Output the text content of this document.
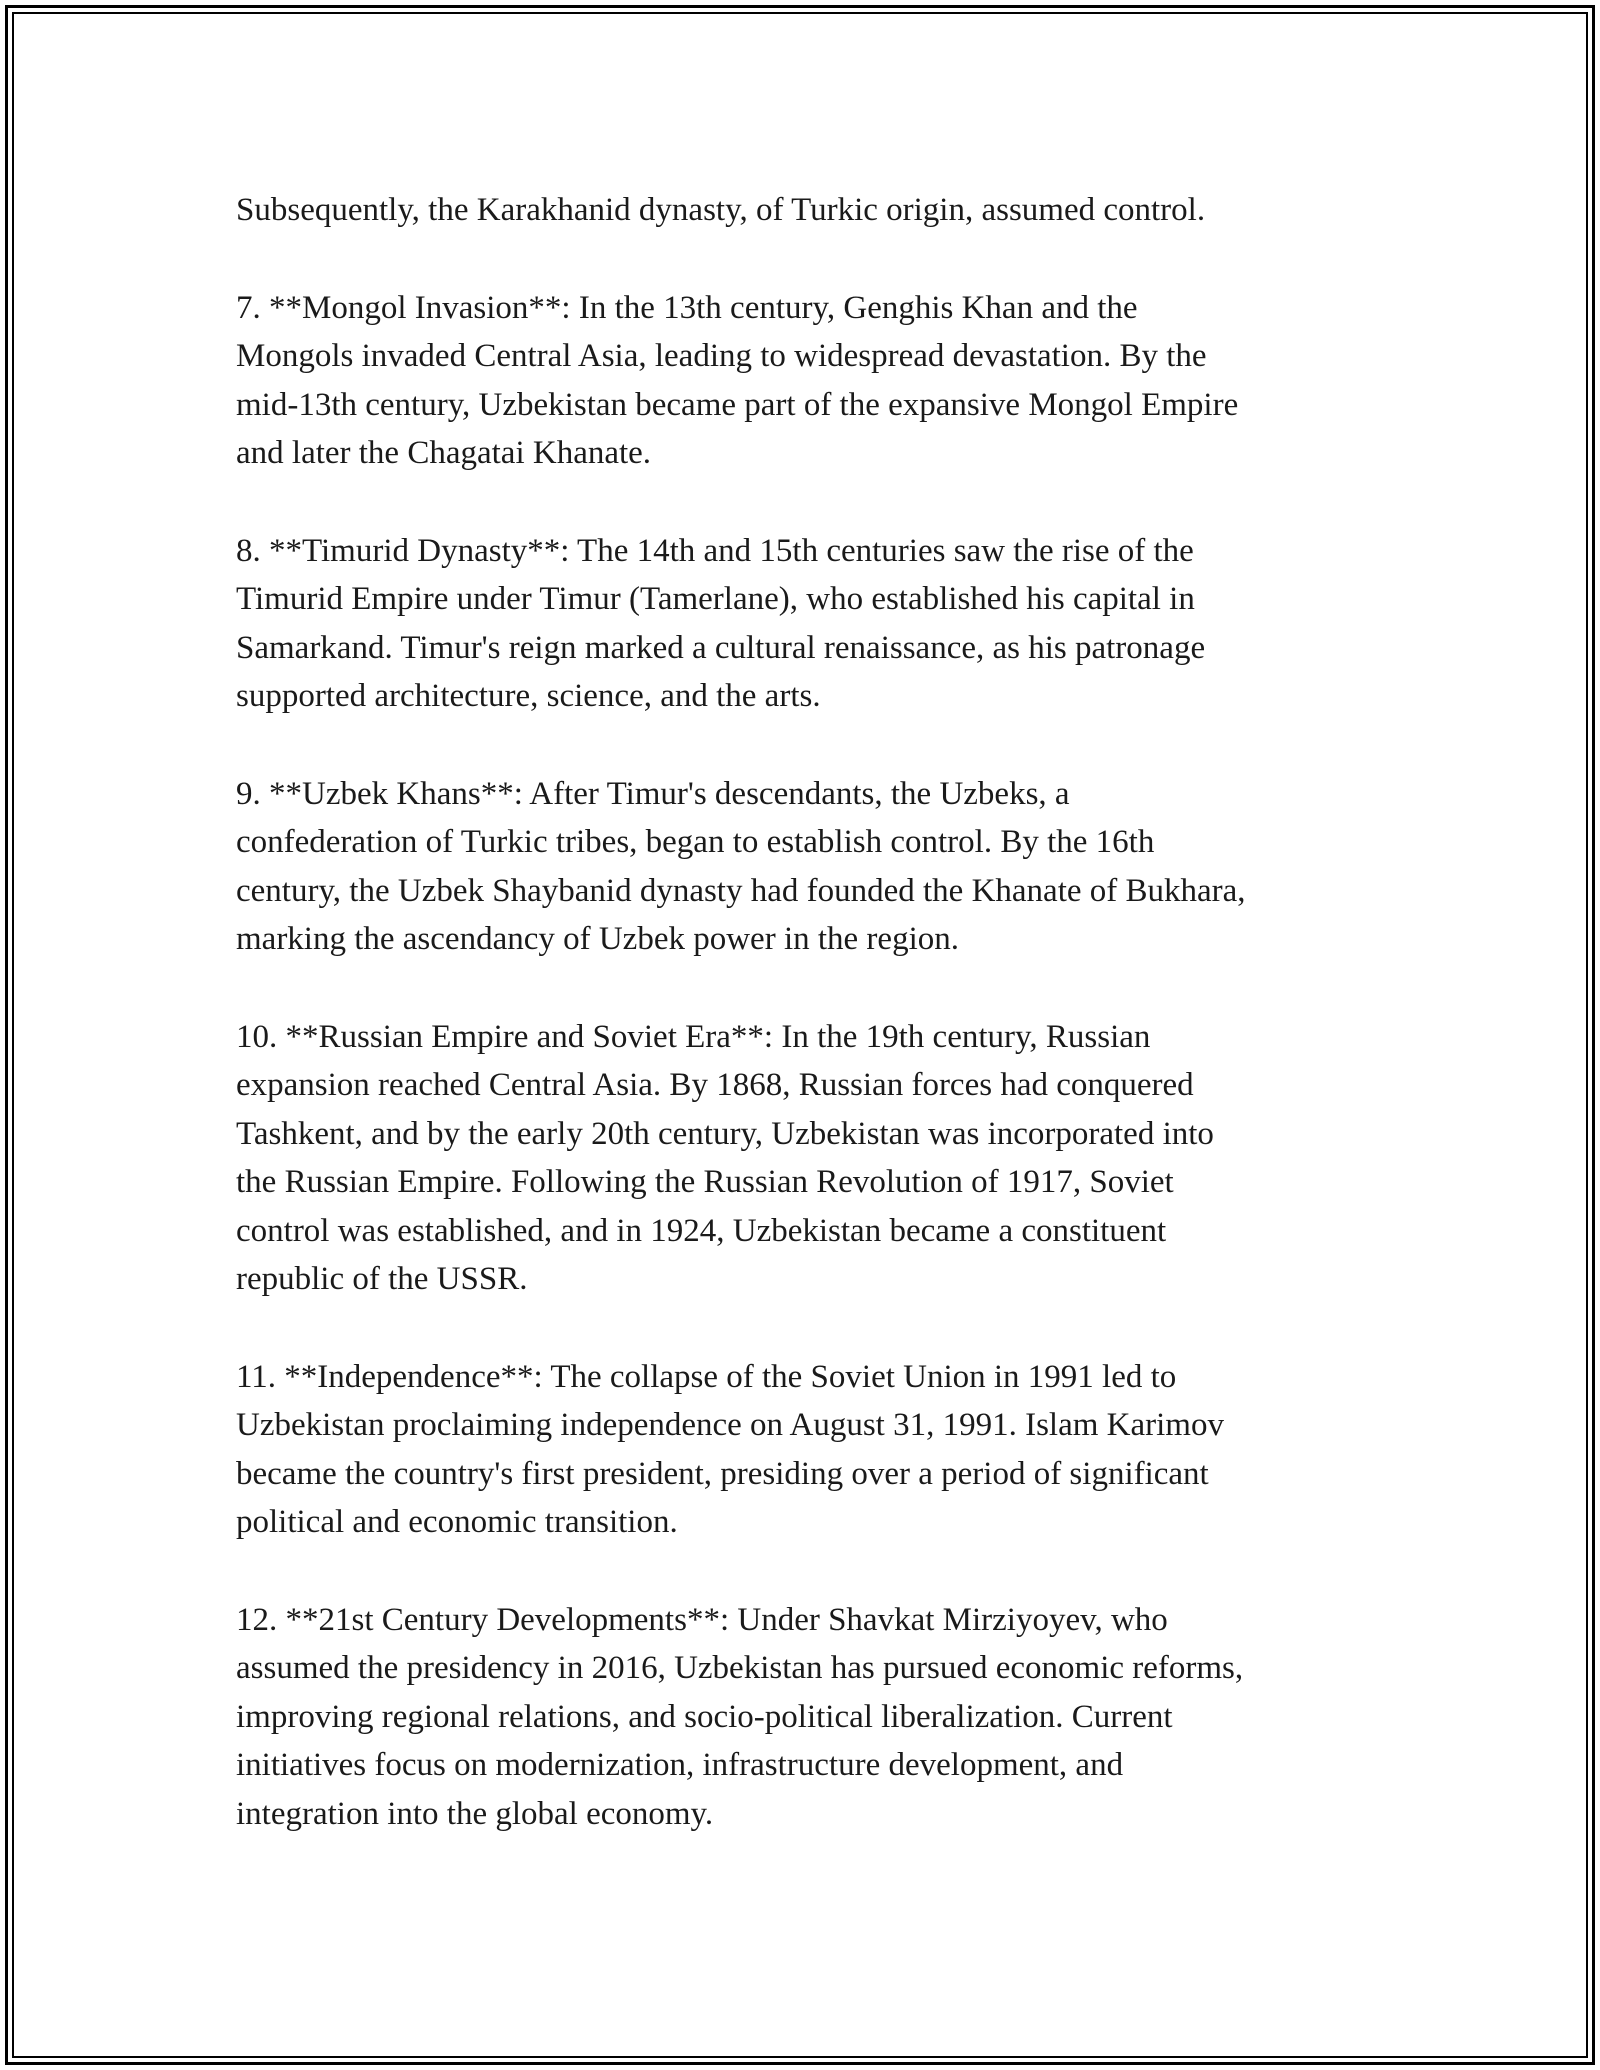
Subsequently, the Karakhanid dynasty, of Turkic origin, assumed control.

7. **Mongol Invasion**: In the 13th century, Genghis Khan and the
Mongols invaded Central Asia, leading to widespread devastation. By the
mid-13th century, Uzbekistan became part of the expansive Mongol Empire
and later the Chagatai Khanate.

8. **Timurid Dynasty**: The 14th and 15th centuries saw the rise of the
Timurid Empire under Timur (Tamerlane), who established his capital in
Samarkand. Timur's reign marked a cultural renaissance, as his patronage
supported architecture, science, and the arts.

9. **Uzbek Khans**: After Timur's descendants, the Uzbeks, a
confederation of Turkic tribes, began to establish control. By the 16th
century, the Uzbek Shaybanid dynasty had founded the Khanate of Bukhara,
marking the ascendancy of Uzbek power in the region.

10. **Russian Empire and Soviet Era**: In the 19th century, Russian
expansion reached Central Asia. By 1868, Russian forces had conquered
Tashkent, and by the early 20th century, Uzbekistan was incorporated into
the Russian Empire. Following the Russian Revolution of 1917, Soviet
control was established, and in 1924, Uzbekistan became a constituent
republic of the USSR.

11. **Independence**: The collapse of the Soviet Union in 1991 led to
Uzbekistan proclaiming independence on August 31, 1991. Islam Karimov
became the country's first president, presiding over a period of significant
political and economic transition.

12. **21st Century Developments**: Under Shavkat Mirziyoyev, who
assumed the presidency in 2016, Uzbekistan has pursued economic reforms,
improving regional relations, and socio-political liberalization. Current
initiatives focus on modernization, infrastructure development, and
integration into the global economy.
